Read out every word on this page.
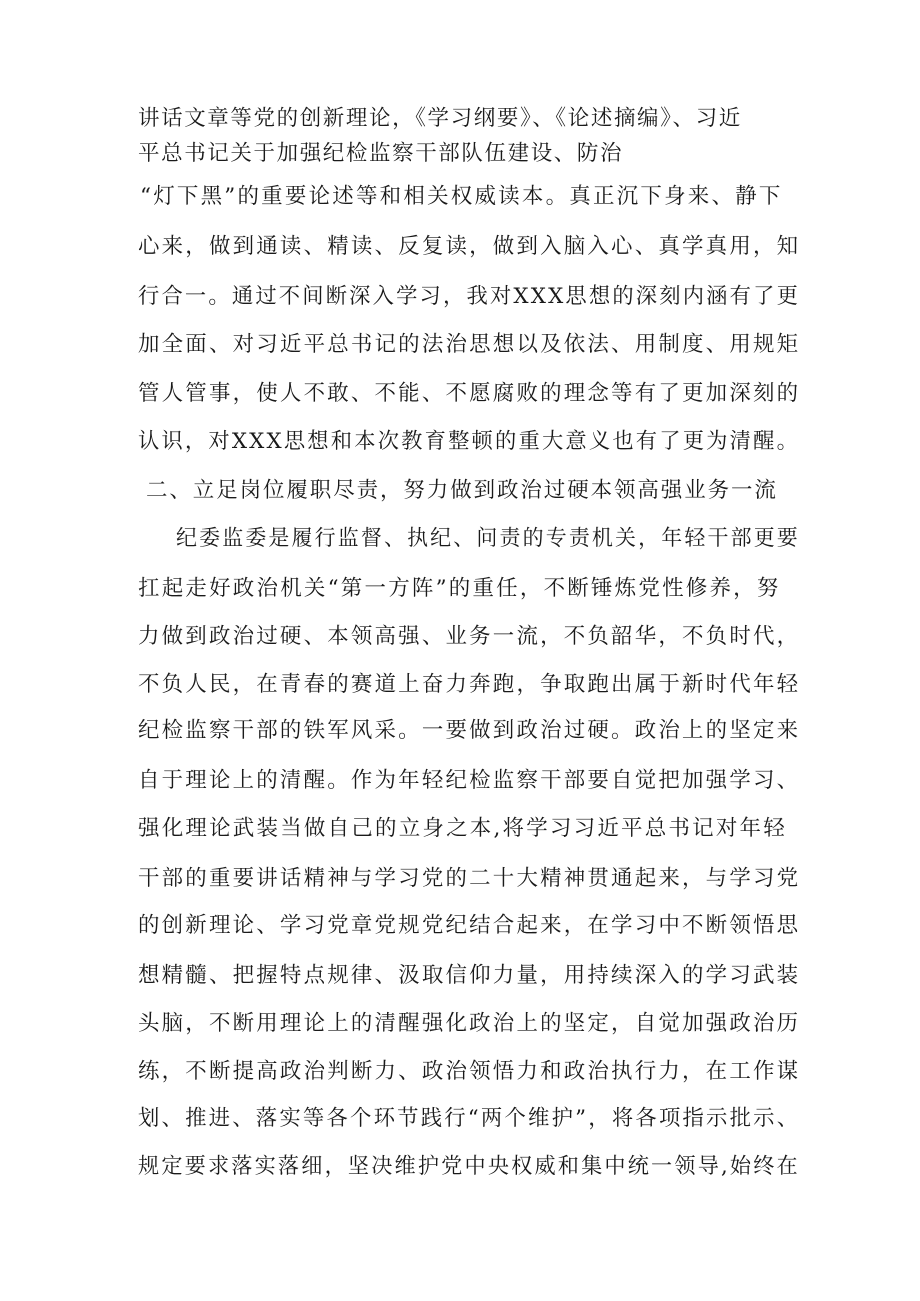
讲话文章等党的创新理论，《学习纲要》、《论述摘编》、习近
平总书记关于加强纪检监察干部队伍建设、防治
“灯下黑”的重要论述等和相关权威读本。真正沉下身来、静下
心来，做到通读、精读、反复读，做到入脑入心、真学真用，知
行合一。通过不间断深入学习，我对XXX思想的深刻内涵有了更
加全面、对习近平总书记的法治思想以及依法、用制度、用规矩
管人管事，使人不敢、不能、不愿腐败的理念等有了更加深刻的
认识，对XXX思想和本次教育整顿的重大意义也有了更为清醒。
二、立足岗位履职尽责，努力做到政治过硬本领高强业务一流
纪委监委是履行监督、执纪、问责的专责机关，年轻干部更要
扛起走好政治机关“第一方阵”的重任，不断锤炼党性修养，努
力做到政治过硬、本领高强、业务一流，不负韶华，不负时代，
不负人民，在青春的赛道上奋力奔跑，争取跑出属于新时代年轻
纪检监察干部的铁军风采。一要做到政治过硬。政治上的坚定来
自于理论上的清醒。作为年轻纪检监察干部要自觉把加强学习、
强化理论武装当做自己的立身之本,将学习习近平总书记对年轻
干部的重要讲话精神与学习党的二十大精神贯通起来，与学习党
的创新理论、学习党章党规党纪结合起来，在学习中不断领悟思
想精髓、把握特点规律、汲取信仰力量，用持续深入的学习武装
头脑，不断用理论上的清醒强化政治上的坚定，自觉加强政治历
练，不断提高政治判断力、政治领悟力和政治执行力，在工作谋
划、推进、落实等各个环节践行“两个维护”，将各项指示批示、
规定要求落实落细，坚决维护党中央权威和集中统一领导,始终在
